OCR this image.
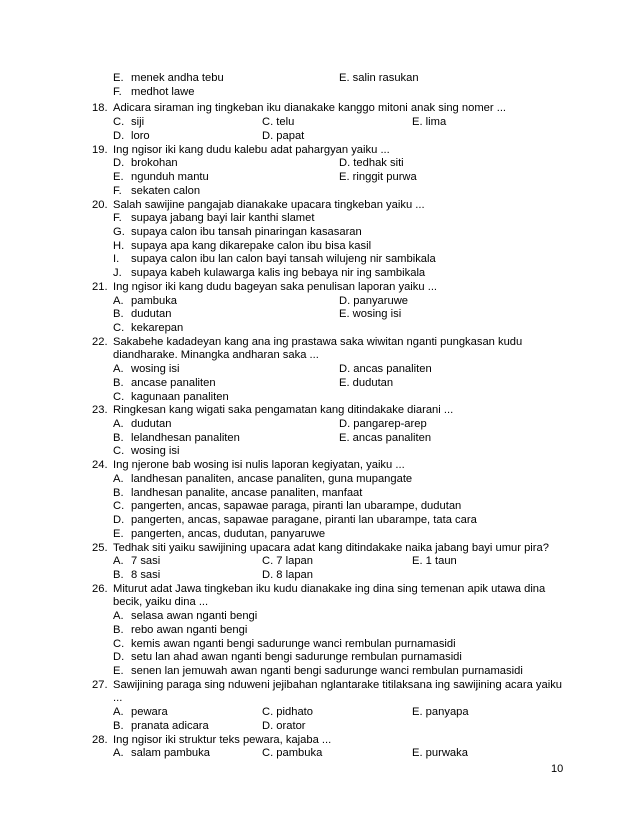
E. menek andha tebu	E. salin rasukan
F. medhot lawe
18. Adicara siraman ing tingkeban iku dianakake kanggo mitoni anak sing nomer ...
C. siji	C. telu	E. lima
D. loro	D. papat
19. Ing ngisor iki kang dudu kalebu adat pahargyan yaiku ...
D. brokohan	D. tedhak siti
E. ngunduh mantu	E. ringgit purwa
F. sekaten calon
20. Salah sawijine pangajab dianakake upacara tingkeban yaiku ...
F. supaya jabang bayi lair kanthi slamet
G. supaya calon ibu tansah pinaringan kasasaran
H. supaya apa kang dikarepake calon ibu bisa kasil
I. supaya calon ibu lan calon bayi tansah wilujeng nir sambikala
J. supaya kabeh kulawarga kalis ing bebaya nir ing sambikala
21. Ing ngisor iki kang dudu bageyan saka penulisan laporan yaiku ...
A. pambuka	D. panyaruwe
B. dudutan	E. wosing isi
C. kekarepan
22. Sakabehe kadadeyan kang ana ing prastawa saka wiwitan nganti pungkasan kudu
diandharake. Minangka andharan saka ...
A. wosing isi	D. ancas panaliten
B. ancase panaliten	E. dudutan
C. kagunaan panaliten
23. Ringkesan kang wigati saka pengamatan kang ditindakake diarani ...
A. dudutan	D. pangarep-arep
B. lelandhesan panaliten	E. ancas panaliten
C. wosing isi
24. Ing njerone bab wosing isi nulis laporan kegiyatan, yaiku ...
A. landhesan panaliten, ancase panaliten, guna mupangate
B. landhesan panalite, ancase panaliten, manfaat
C. pangerten, ancas, sapawae paraga, piranti lan ubarampe, dudutan
D. pangerten, ancas, sapawae paragane, piranti lan ubarampe, tata cara
E. pangerten, ancas, dudutan, panyaruwe
25. Tedhak siti yaiku sawijining upacara adat kang ditindakake naika jabang bayi umur pira?
A. 7 sasi	C. 7 lapan	E. 1 taun
B. 8 sasi	D. 8 lapan
26. Miturut adat Jawa tingkeban iku kudu dianakake ing dina sing temenan apik utawa dina
becik, yaiku dina ...
A. selasa awan nganti bengi
B. rebo awan nganti bengi
C. kemis awan nganti bengi sadurunge wanci rembulan purnamasidi
D. setu lan ahad awan nganti bengi sadurunge rembulan purnamasidi
E. senen lan jemuwah awan nganti bengi sadurunge wanci rembulan purnamasidi
27. Sawijining paraga sing nduweni jejibahan nglantarake titilaksana ing sawijining acara yaiku
...
A. pewara	C. pidhato	E. panyapa
B. pranata adicara	D. orator
28. Ing ngisor iki struktur teks pewara, kajaba ...
A. salam pambuka	C. pambuka	E. purwaka
10
